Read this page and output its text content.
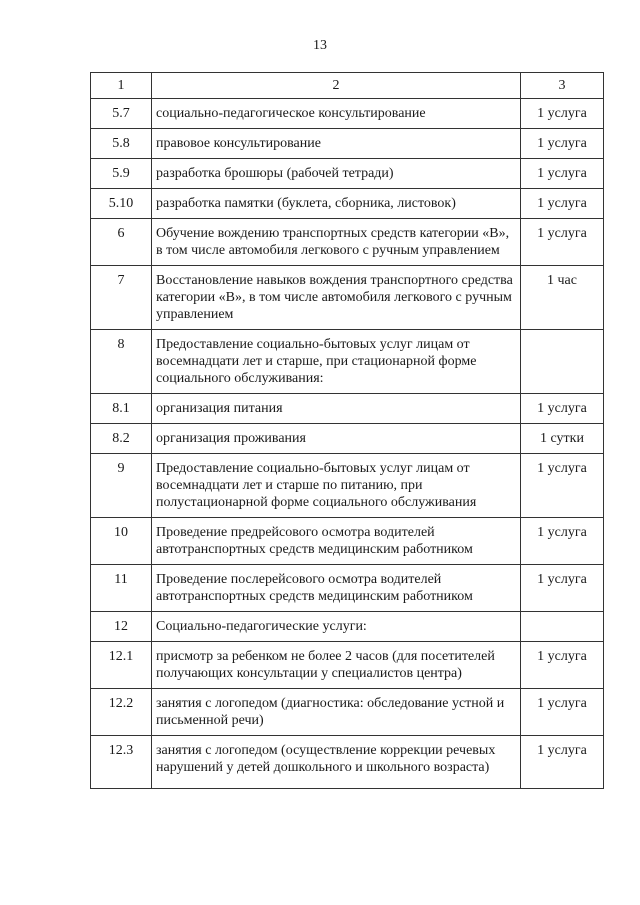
13
1	2	3
5.7	социально-педагогическое консультирование	1 услуга
5.8	правовое консультирование	1 услуга
5.9	разработка брошюры (рабочей тетради)	1 услуга
5.10	разработка памятки (буклета, сборника, листовок)	1 услуга
6	Обучение вождению транспортных средств категории «В», в том числе автомобиля легкового с ручным управлением	1 услуга
7	Восстановление навыков вождения транспортного средства категории «В», в том числе автомобиля легкового с ручным управлением	1 час
8	Предоставление социально-бытовых услуг лицам от восемнадцати лет и старше, при стационарной форме социального обслуживания:	
8.1	организация питания	1 услуга
8.2	организация проживания	1 сутки
9	Предоставление социально-бытовых услуг лицам от восемнадцати лет и старше по питанию, при полустационарной форме социального обслуживания	1 услуга
10	Проведение предрейсового осмотра водителей автотранспортных средств медицинским работником	1 услуга
11	Проведение послерейсового осмотра водителей автотранспортных средств медицинским работником	1 услуга
12	Социально-педагогические услуги:	
12.1	присмотр за ребенком не более 2 часов (для посетителей получающих консультации у специалистов центра)	1 услуга
12.2	занятия с логопедом (диагностика: обследование устной и письменной речи)	1 услуга
12.3	занятия с логопедом (осуществление коррекции речевых нарушений у детей дошкольного и школьного возраста)	1 услуга
